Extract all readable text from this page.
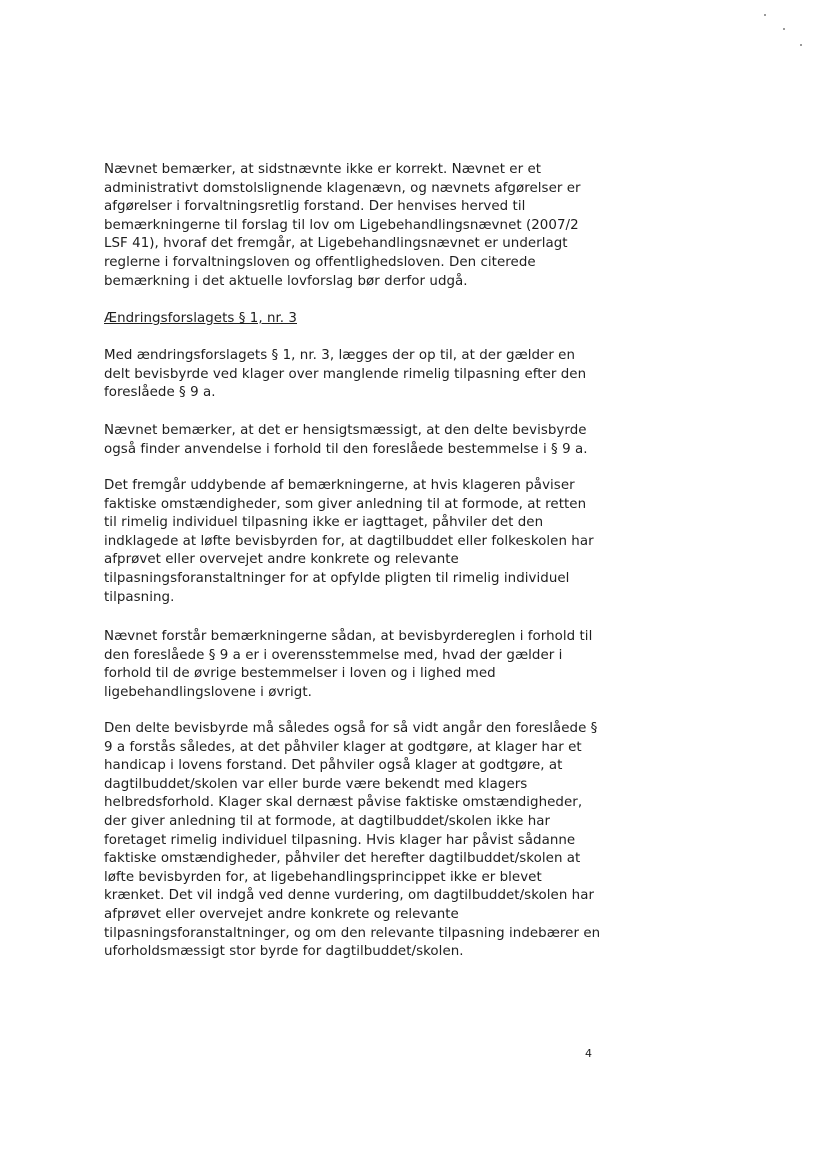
Nævnet bemærker, at sidstnævnte ikke er korrekt. Nævnet er et
administrativt domstolslignende klagenævn, og nævnets afgørelser er
afgørelser i forvaltningsretlig forstand. Der henvises herved til
bemærkningerne til forslag til lov om Ligebehandlingsnævnet (2007/2
LSF 41), hvoraf det fremgår, at Ligebehandlingsnævnet er underlagt
reglerne i forvaltningsloven og offentlighedsloven. Den citerede
bemærkning i det aktuelle lovforslag bør derfor udgå.

Ændringsforslagets § 1, nr. 3

Med ændringsforslagets § 1, nr. 3, lægges der op til, at der gælder en
delt bevisbyrde ved klager over manglende rimelig tilpasning efter den
foreslåede § 9 a.

Nævnet bemærker, at det er hensigtsmæssigt, at den delte bevisbyrde
også finder anvendelse i forhold til den foreslåede bestemmelse i § 9 a.

Det fremgår uddybende af bemærkningerne, at hvis klageren påviser
faktiske omstændigheder, som giver anledning til at formode, at retten
til rimelig individuel tilpasning ikke er iagttaget, påhviler det den
indklagede at løfte bevisbyrden for, at dagtilbuddet eller folkeskolen har
afprøvet eller overvejet andre konkrete og relevante
tilpasningsforanstaltninger for at opfylde pligten til rimelig individuel
tilpasning.

Nævnet forstår bemærkningerne sådan, at bevisbyrdereglen i forhold til
den foreslåede § 9 a er i overensstemmelse med, hvad der gælder i
forhold til de øvrige bestemmelser i loven og i lighed med
ligebehandlingslovene i øvrigt.

Den delte bevisbyrde må således også for så vidt angår den foreslåede §
9 a forstås således, at det påhviler klager at godtgøre, at klager har et
handicap i lovens forstand. Det påhviler også klager at godtgøre, at
dagtilbuddet/skolen var eller burde være bekendt med klagers
helbredsforhold. Klager skal dernæst påvise faktiske omstændigheder,
der giver anledning til at formode, at dagtilbuddet/skolen ikke har
foretaget rimelig individuel tilpasning. Hvis klager har påvist sådanne
faktiske omstændigheder, påhviler det herefter dagtilbuddet/skolen at
løfte bevisbyrden for, at ligebehandlingsprincippet ikke er blevet
krænket. Det vil indgå ved denne vurdering, om dagtilbuddet/skolen har
afprøvet eller overvejet andre konkrete og relevante
tilpasningsforanstaltninger, og om den relevante tilpasning indebærer en
uforholdsmæssigt stor byrde for dagtilbuddet/skolen.

4
